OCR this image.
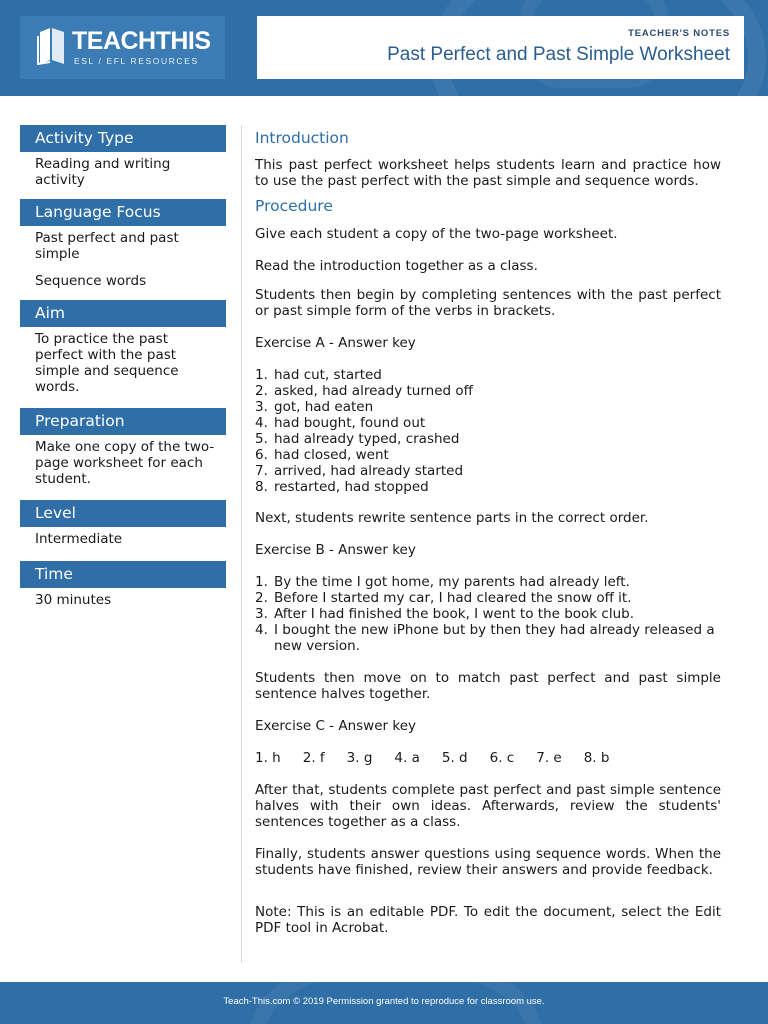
TEACHTHIS
ESL / EFL RESOURCES
TEACHER'S NOTES
Past Perfect and Past Simple Worksheet
Activity Type

Reading and writing activity

Language Focus

Past perfect and past simple

Sequence words

Aim

To practice the past perfect with the past simple and sequence words.

Preparation

Make one copy of the two-page worksheet for each student.

Level

Intermediate

Time

30 minutes

Introduction

This past perfect worksheet helps students learn and practice how to use the past perfect with the past simple and sequence words.

Procedure

Give each student a copy of the two-page worksheet.

Read the introduction together as a class.

Students then begin by completing sentences with the past perfect or past simple form of the verbs in brackets.

Exercise A - Answer key

1. had cut, started
2. asked, had already turned off
3. got, had eaten
4. had bought, found out
5. had already typed, crashed
6. had closed, went
7. arrived, had already started
8. restarted, had stopped

Next, students rewrite sentence parts in the correct order.

Exercise B - Answer key

1. By the time I got home, my parents had already left.
2. Before I started my car, I had cleared the snow off it.
3. After I had finished the book, I went to the book club.
4. I bought the new iPhone but by then they had already released a new version.

Students then move on to match past perfect and past simple sentence halves together.

Exercise C - Answer key

1. h 2. f 3. g 4. a 5. d 6. c 7. e 8. b

After that, students complete past perfect and past simple sentence halves with their own ideas. Afterwards, review the students' sentences together as a class.

Finally, students answer questions using sequence words. When the students have finished, review their answers and provide feedback.

Note: This is an editable PDF. To edit the document, select the Edit PDF tool in Acrobat.

Teach-This.com © 2019 Permission granted to reproduce for classroom use.
